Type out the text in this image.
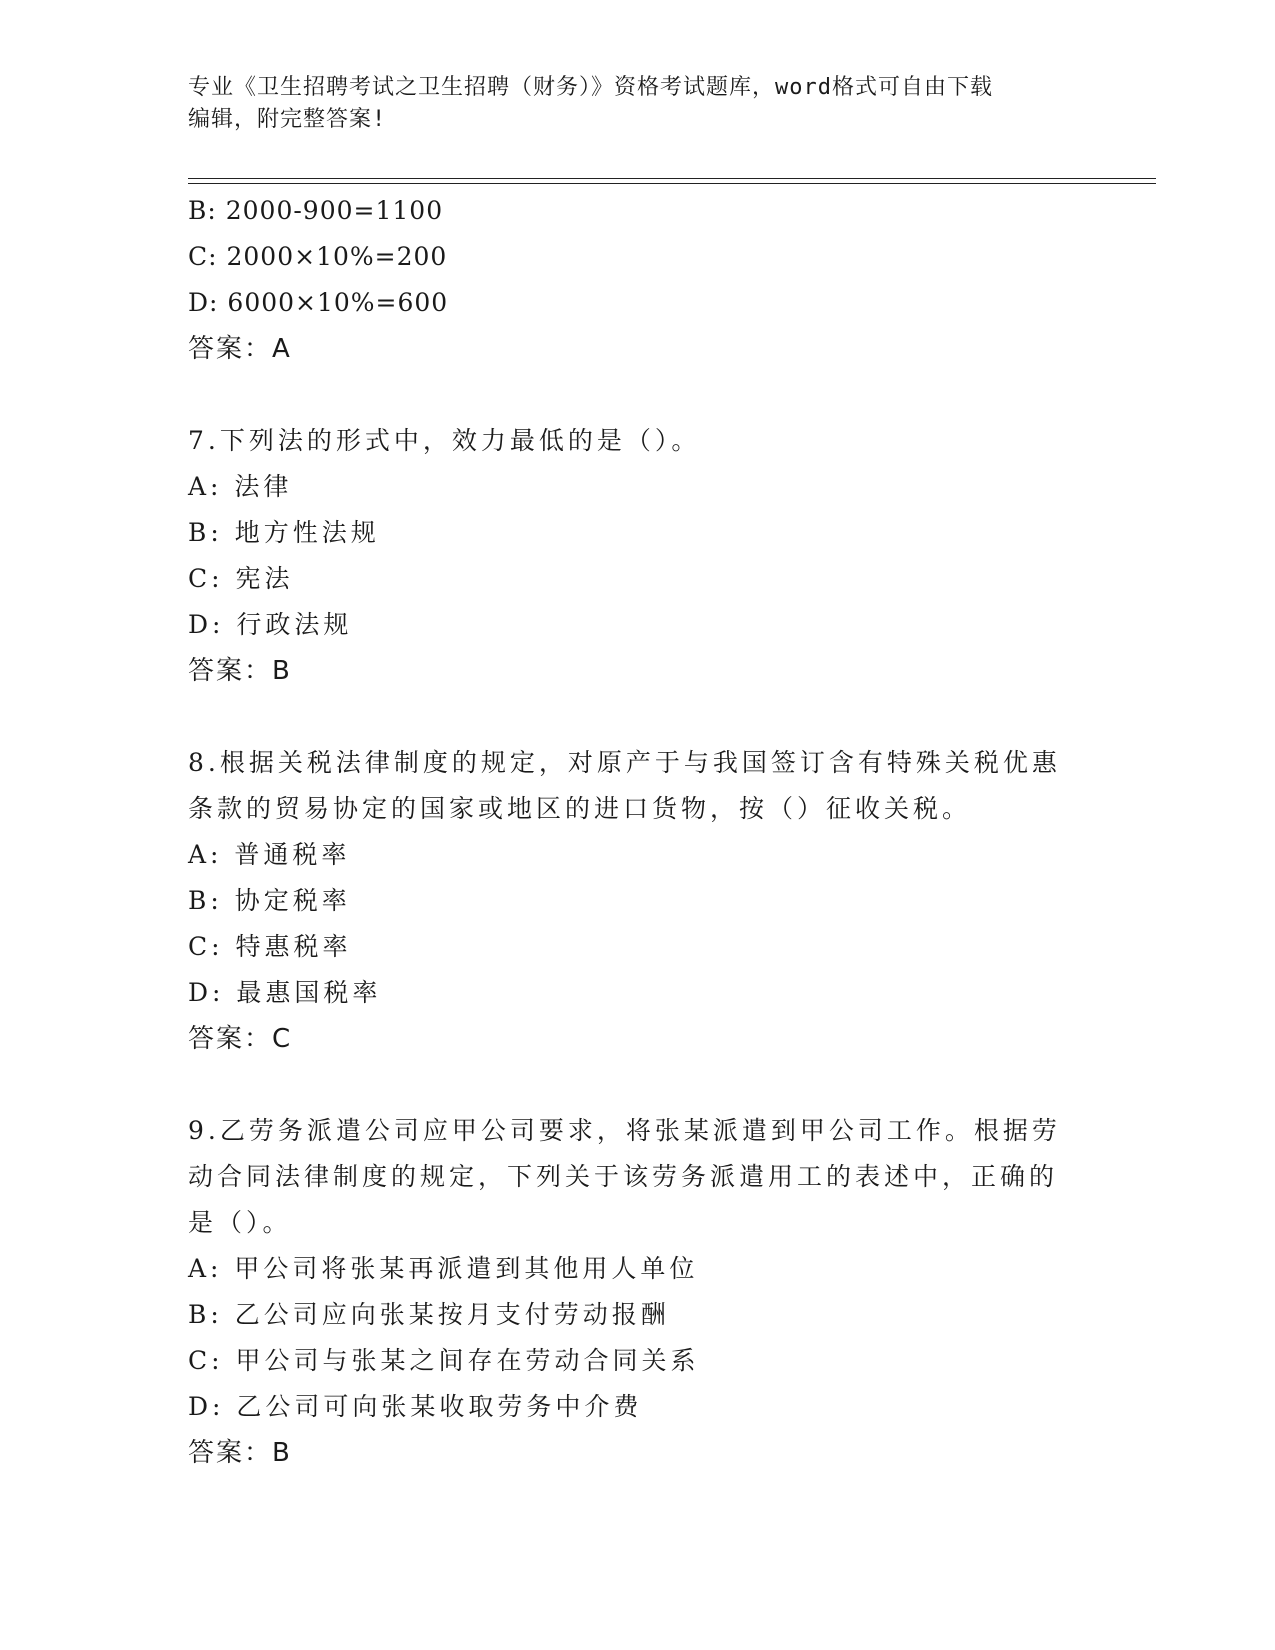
专业《卫生招聘考试之卫生招聘（财务）》资格考试题库，word格式可自由下载
编辑，附完整答案!
B: 2000-900=1100
C: 2000×10%=200
D: 6000×10%=600
答案：A
7.下列法的形式中，效力最低的是（）。
A: 法律
B: 地方性法规
C: 宪法
D: 行政法规
答案：B
8.根据关税法律制度的规定，对原产于与我国签订含有特殊关税优惠
条款的贸易协定的国家或地区的进口货物，按（）征收关税。
A: 普通税率
B: 协定税率
C: 特惠税率
D: 最惠国税率
答案：C
9.乙劳务派遣公司应甲公司要求，将张某派遣到甲公司工作。根据劳
动合同法律制度的规定，下列关于该劳务派遣用工的表述中，正确的
是（）。
A: 甲公司将张某再派遣到其他用人单位
B: 乙公司应向张某按月支付劳动报酬
C: 甲公司与张某之间存在劳动合同关系
D: 乙公司可向张某收取劳务中介费
答案：B
